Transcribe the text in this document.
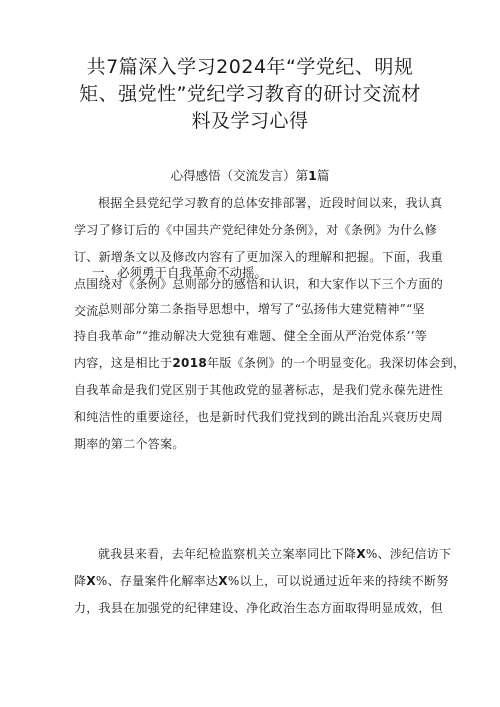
共7篇深入学习2024年“学党纪、明规
矩、强党性”党纪学习教育的研讨交流材
料及学习心得
心得感悟（交流发言）第1篇

根据全县党纪学习教育的总体安排部署，近段时间以来，我认真
学习了修订后的《中国共产党纪律处分条例》，对《条例》为什么修
订、新增条文以及修改内容有了更加深入的理解和把握。下面，我重
点围绕对《条例》总则部分的感悟和认识，和大家作以下三个方面的
交流。

一、必须勇于自我革命不动摇。

总则部分第二条指导思想中，增写了“弘扬伟大建党精神”“坚
持自我革命”“推动解决大党独有难题、健全全面从严治党体系’’等
内容，这是相比于2018年版《条例》的一个明显变化。我深切体会到，
自我革命是我们党区别于其他政党的显著标志，是我们党永葆先进性
和纯洁性的重要途径，也是新时代我们党找到的跳出治乱兴衰历史周
期率的第二个答案。

就我县来看，去年纪检监察机关立案率同比下降X%、涉纪信访下
降X%、存量案件化解率达X%以上，可以说通过近年来的持续不断努
力，我县在加强党的纪律建设、净化政治生态方面取得明显成效，但
